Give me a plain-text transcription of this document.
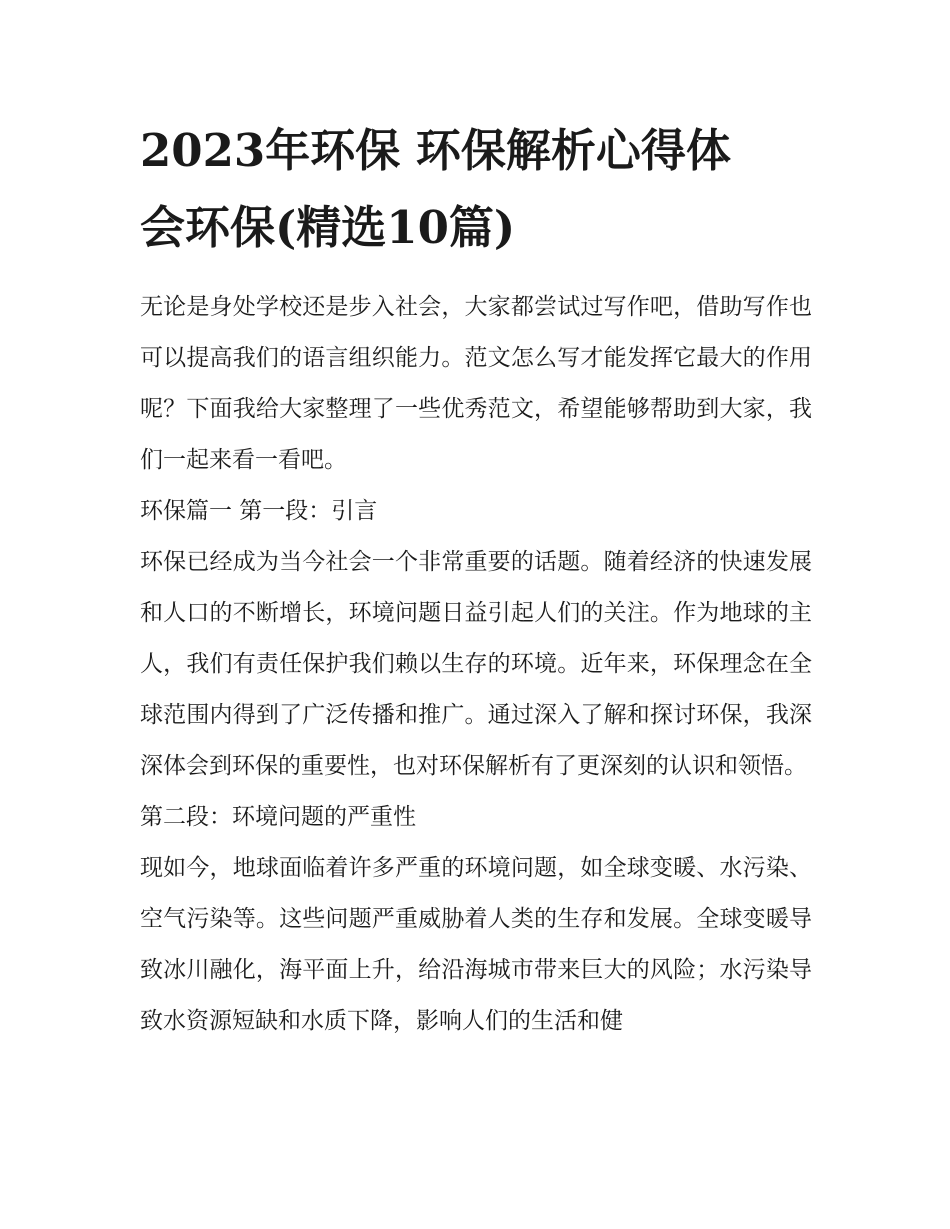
2023年环保 环保解析心得体
会环保(精选10篇)

无论是身处学校还是步入社会，大家都尝试过写作吧，借助写作也可以提高我们的语言组织能力。范文怎么写才能发挥它最大的作用呢？下面我给大家整理了一些优秀范文，希望能够帮助到大家，我们一起来看一看吧。

环保篇一 第一段：引言

环保已经成为当今社会一个非常重要的话题。随着经济的快速发展和人口的不断增长，环境问题日益引起人们的关注。作为地球的主人，我们有责任保护我们赖以生存的环境。近年来，环保理念在全球范围内得到了广泛传播和推广。通过深入了解和探讨环保，我深深体会到环保的重要性，也对环保解析有了更深刻的认识和领悟。

第二段：环境问题的严重性

现如今，地球面临着许多严重的环境问题，如全球变暖、水污染、空气污染等。这些问题严重威胁着人类的生存和发展。全球变暖导致冰川融化，海平面上升，给沿海城市带来巨大的风险；水污染导致水资源短缺和水质下降，影响人们的生活和健
